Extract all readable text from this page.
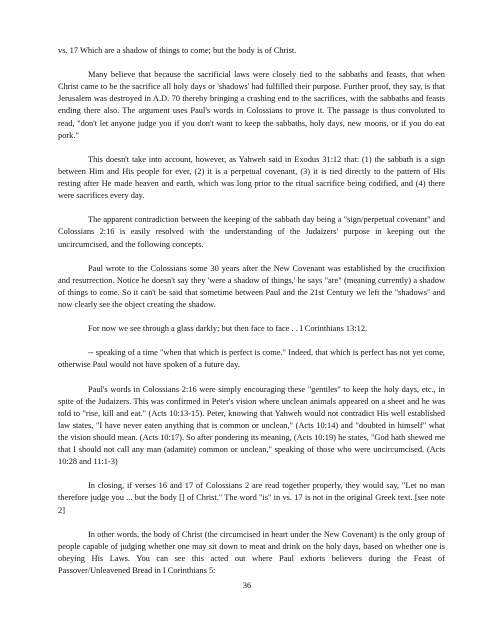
vs. 17 Which are a shadow of things to come; but the body is of Christ.

Many believe that because the sacrificial laws were closely tied to the sabbaths and feasts, that when Christ came to be the sacrifice all holy days or 'shadows' had fulfilled their purpose. Further proof, they say, is that Jerusalem was destroyed in A.D. 70 thereby bringing a crashing end to the sacrifices, with the sabbaths and feasts ending there also. The argument uses Paul's words in Colossians to prove it. The passage is thus convoluted to read, "don't let anyone judge you if you don't want to keep the sabbaths, holy days, new moons, or if you do eat pork."

This doesn't take into account, however, as Yahweh said in Exodus 31:12 that: (1) the sabbath is a sign between Him and His people for ever, (2) it is a perpetual covenant, (3) it is tied directly to the pattern of His resting after He made heaven and earth, which was long prior to the ritual sacrifice being codified, and (4) there were sacrifices every day.

The apparent contradiction between the keeping of the sabbath day being a "sign/perpetual covenant" and Colossians 2:16 is easily resolved with the understanding of the Judaizers' purpose in keeping out the uncircumcised, and the following concepts.

Paul wrote to the Colossians some 30 years after the New Covenant was established by the crucifixion and resurrection. Notice he doesn't say they 'were a shadow of things,' he says "are" (meaning currently) a shadow of things to come. So it can't be said that sometime between Paul and the 21st Century we left the "shadows" and now clearly see the object creating the shadow.

For now we see through a glass darkly; but then face to face . . I Corinthians 13:12.

-- speaking of a time "when that which is perfect is come." Indeed, that which is perfect has not yet come, otherwise Paul would not have spoken of a future day.

Paul's words in Colossians 2:16 were simply encouraging these "gentiles" to keep the holy days, etc., in spite of the Judaizers. This was confirmed in Peter's vision where unclean animals appeared on a sheet and he was told to "rise, kill and eat." (Acts 10:13-15). Peter, knowing that Yahweh would not contradict His well established law states, "I have never eaten anything that is common or unclean," (Acts 10:14) and "doubted in himself" what the vision should mean. (Acts 10:17). So after pondering its meaning, (Acts 10:19) he states, "God hath shewed me that I should not call any man (adamite) common or unclean," speaking of those who were uncircumcised. (Acts 10:28 and 11:1-3)

In closing, if verses 16 and 17 of Colossians 2 are read together properly, they would say, "Let no man therefore judge you ... but the body [] of Christ." The word "is" in vs. 17 is not in the original Greek text. [see note 2]

In other words, the body of Christ (the circumcised in heart under the New Covenant) is the only group of people capable of judging whether one may sit down to meat and drink on the holy days, based on whether one is obeying His Laws. You can see this acted out where Paul exhorts believers during the Feast of Passover/Unleavened Bread in I Corinthians 5:

36
